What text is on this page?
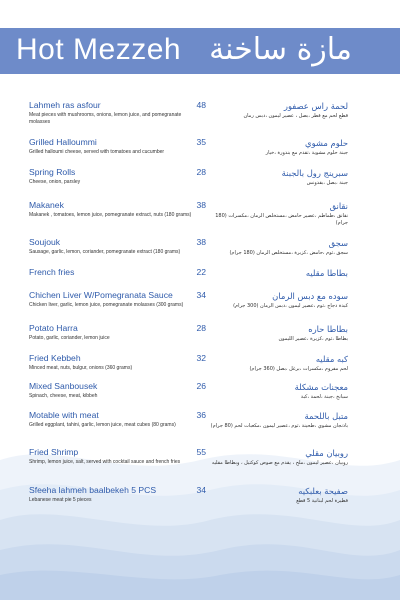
Hot Mezzeh مازة ساخنة
Lahmeh ras asfour
Meat pieces with mushrooms, onions, lemon juice, and pomegranate molasses
48	لحمة راس عصفور
قطع لحم مع فطر ،بصل ، عصير ليمون ،دبس رمان
Grilled Halloummi
Grilled halloumi cheese, served with tomatoes and cucumber
35	حلوم مشوي
جبنة حلوم مشوية ،تقدم مع بندورة ،خيار
Spring Rolls
Cheese, onion, parsley
28	سبرينج رول بالجبنة
جبنة ،بصل ،بقدونس
Makanek
Makanek , tomatoes, lemon juice, pomegranate extract, nuts (180 grams)
38	نقانق
نقانق ،طماطم ،عصير حامض ،مستخلص الرمان ،مكسرات (180 جرام)
Soujouk
Sausage, garlic, lemon, coriander, pomegranate extract (180 grams)
38	سجق
سجق ،ثوم ،حامض ،كزبرة ،مستخلص الرمان (180 جرام)
French fries	22	بطاطا مقليه
Chichen Liver W/Pomegranata Sauce
Chicken liver, garlic, lemon juice, pomegranate molasses (300 grams)
34	سوده مع دبس الرمان
كبدة دجاج ،ثوم ،عصير ليمون ،دبس الرمان (300 جرام)
Potato Harra
Potato, garlic, coriander, lemon juice
28	بطاطا حاره
بطاطا ،ثوم ،كزبرة ،عصير الليمون
Fried Kebbeh
Minced meat, nuts, bulgur, onions (360 grams)
32	كبه مقليه
لحم مفروم ،مكسرات ،برغل ،بصل (360 جرام)
Mixed Sanbousek
Spinach, cheese, meat, kibbeh
26	معجنات مشكلة
سبانخ ،جبنة ،لحمة ،كبة
Motable with meat
Grilled eggplant, tahini, garlic, lemon juice, meat cubes (80 grams)
36	متبل باللحمة
باذنجان مشوي ،طحينة ،ثوم ،عصير ليمون ،مكعبات لحم (80 جرام)
Fried Shrimp
Shrimp, lemon juice, salt, served with cocktail sauce and french fries
55	روبيان مقلي
روبيان ،عصير ليمون ،ملح ، يقدم مع صوص كوكتيل ، وبطاطا مقليه
Sfeeha lahmeh baalbekeh 5 PCS
Lebanese meat pie 5 pieces
34	صفيحة بعلبكيه
فطيرة لحم لبنانية 5 قطع
